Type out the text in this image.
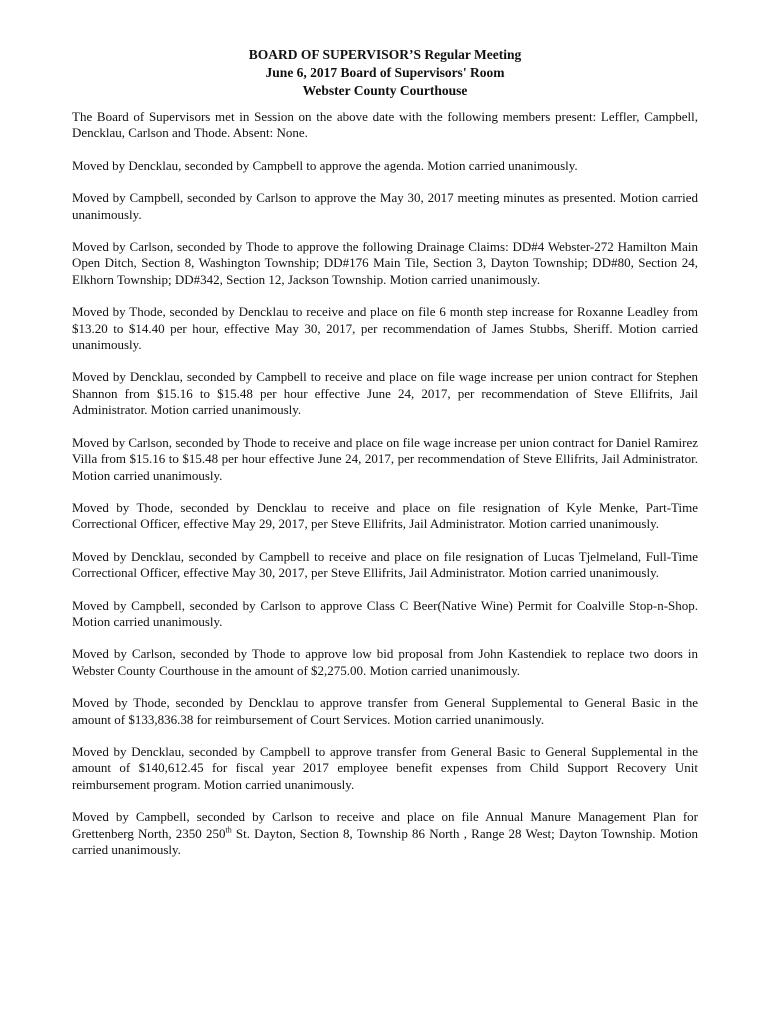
BOARD OF SUPERVISOR’S Regular Meeting
June 6, 2017 Board of Supervisors' Room
Webster County Courthouse

The Board of Supervisors met in Session on the above date with the following members present: Leffler, Campbell, Dencklau, Carlson and Thode. Absent: None.

Moved by Dencklau, seconded by Campbell to approve the agenda. Motion carried unanimously.

Moved by Campbell, seconded by Carlson to approve the May 30, 2017 meeting minutes as presented. Motion carried unanimously.

Moved by Carlson, seconded by Thode to approve the following Drainage Claims: DD#4 Webster-272 Hamilton Main Open Ditch, Section 8, Washington Township; DD#176 Main Tile, Section 3, Dayton Township; DD#80, Section 24, Elkhorn Township; DD#342, Section 12, Jackson Township. Motion carried unanimously.

Moved by Thode, seconded by Dencklau to receive and place on file 6 month step increase for Roxanne Leadley from $13.20 to $14.40 per hour, effective May 30, 2017, per recommendation of James Stubbs, Sheriff. Motion carried unanimously.

Moved by Dencklau, seconded by Campbell to receive and place on file wage increase per union contract for Stephen Shannon from $15.16 to $15.48 per hour effective June 24, 2017, per recommendation of Steve Ellifrits, Jail Administrator. Motion carried unanimously.

Moved by Carlson, seconded by Thode to receive and place on file wage increase per union contract for Daniel Ramirez Villa from $15.16 to $15.48 per hour effective June 24, 2017, per recommendation of Steve Ellifrits, Jail Administrator. Motion carried unanimously.

Moved by Thode, seconded by Dencklau to receive and place on file resignation of Kyle Menke, Part-Time Correctional Officer, effective May 29, 2017, per Steve Ellifrits, Jail Administrator. Motion carried unanimously.

Moved by Dencklau, seconded by Campbell to receive and place on file resignation of Lucas Tjelmeland, Full-Time Correctional Officer, effective May 30, 2017, per Steve Ellifrits, Jail Administrator. Motion carried unanimously.

Moved by Campbell, seconded by Carlson to approve Class C Beer(Native Wine) Permit for Coalville Stop-n-Shop. Motion carried unanimously.

Moved by Carlson, seconded by Thode to approve low bid proposal from John Kastendiek to replace two doors in Webster County Courthouse in the amount of $2,275.00. Motion carried unanimously.

Moved by Thode, seconded by Dencklau to approve transfer from General Supplemental to General Basic in the amount of $133,836.38 for reimbursement of Court Services. Motion carried unanimously.

Moved by Dencklau, seconded by Campbell to approve transfer from General Basic to General Supplemental in the amount of $140,612.45 for fiscal year 2017 employee benefit expenses from Child Support Recovery Unit reimbursement program. Motion carried unanimously.

Moved by Campbell, seconded by Carlson to receive and place on file Annual Manure Management Plan for Grettenberg North, 2350 250th St. Dayton, Section 8, Township 86 North , Range 28 West; Dayton Township. Motion carried unanimously.
